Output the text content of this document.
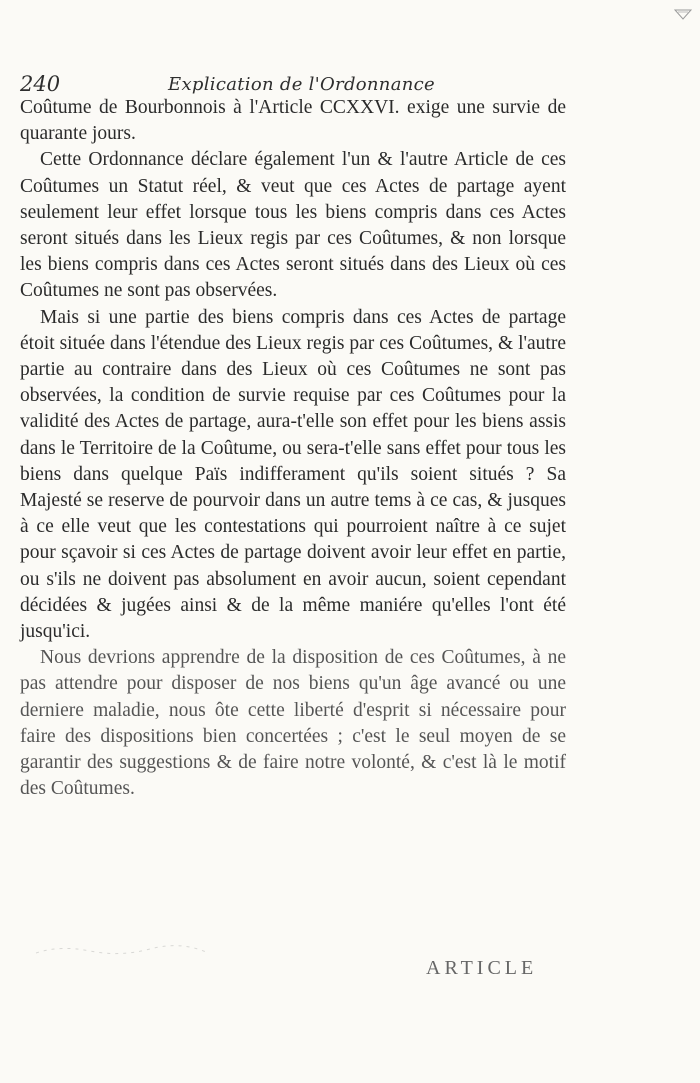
240	Explication de l'Ordonnance

Coûtume de Bourbonnois à l'Article CCXXVI. exige une survie de quarante jours.

Cette Ordonnance déclare également l'un & l'autre Article de ces Coûtumes un Statut réel, & veut que ces Actes de partage ayent seulement leur effet lorsque tous les biens compris dans ces Actes seront situés dans les Lieux regis par ces Coûtumes, & non lorsque les biens compris dans ces Actes seront situés dans des Lieux où ces Coûtumes ne sont pas observées.

Mais si une partie des biens compris dans ces Actes de partage étoit située dans l'étendue des Lieux regis par ces Coûtumes, & l'autre partie au contraire dans des Lieux où ces Coûtumes ne sont pas observées, la condition de survie requise par ces Coûtumes pour la validité des Actes de partage, aura-t'elle son effet pour les biens assis dans le Territoire de la Coûtume, ou sera-t'elle sans effet pour tous les biens dans quelque Païs indifferament qu'ils soient situés ? Sa Majesté se reserve de pourvoir dans un autre tems à ce cas, & jusques à ce elle veut que les contestations qui pourroient naître à ce sujet pour sçavoir si ces Actes de partage doivent avoir leur effet en partie, ou s'ils ne doivent pas absolument en avoir aucun, soient cependant décidées & jugées ainsi & de la même maniére qu'elles l'ont été jusqu'ici.

Nous devrions apprendre de la disposition de ces Coûtumes, à ne pas attendre pour disposer de nos biens qu'un âge avancé ou une derniere maladie, nous ôte cette liberté d'esprit si nécessaire pour faire des dispositions bien concertées ; c'est le seul moyen de se garantir des suggestions & de faire notre volonté, & c'est là le motif des Coûtumes.

ARTICLE
